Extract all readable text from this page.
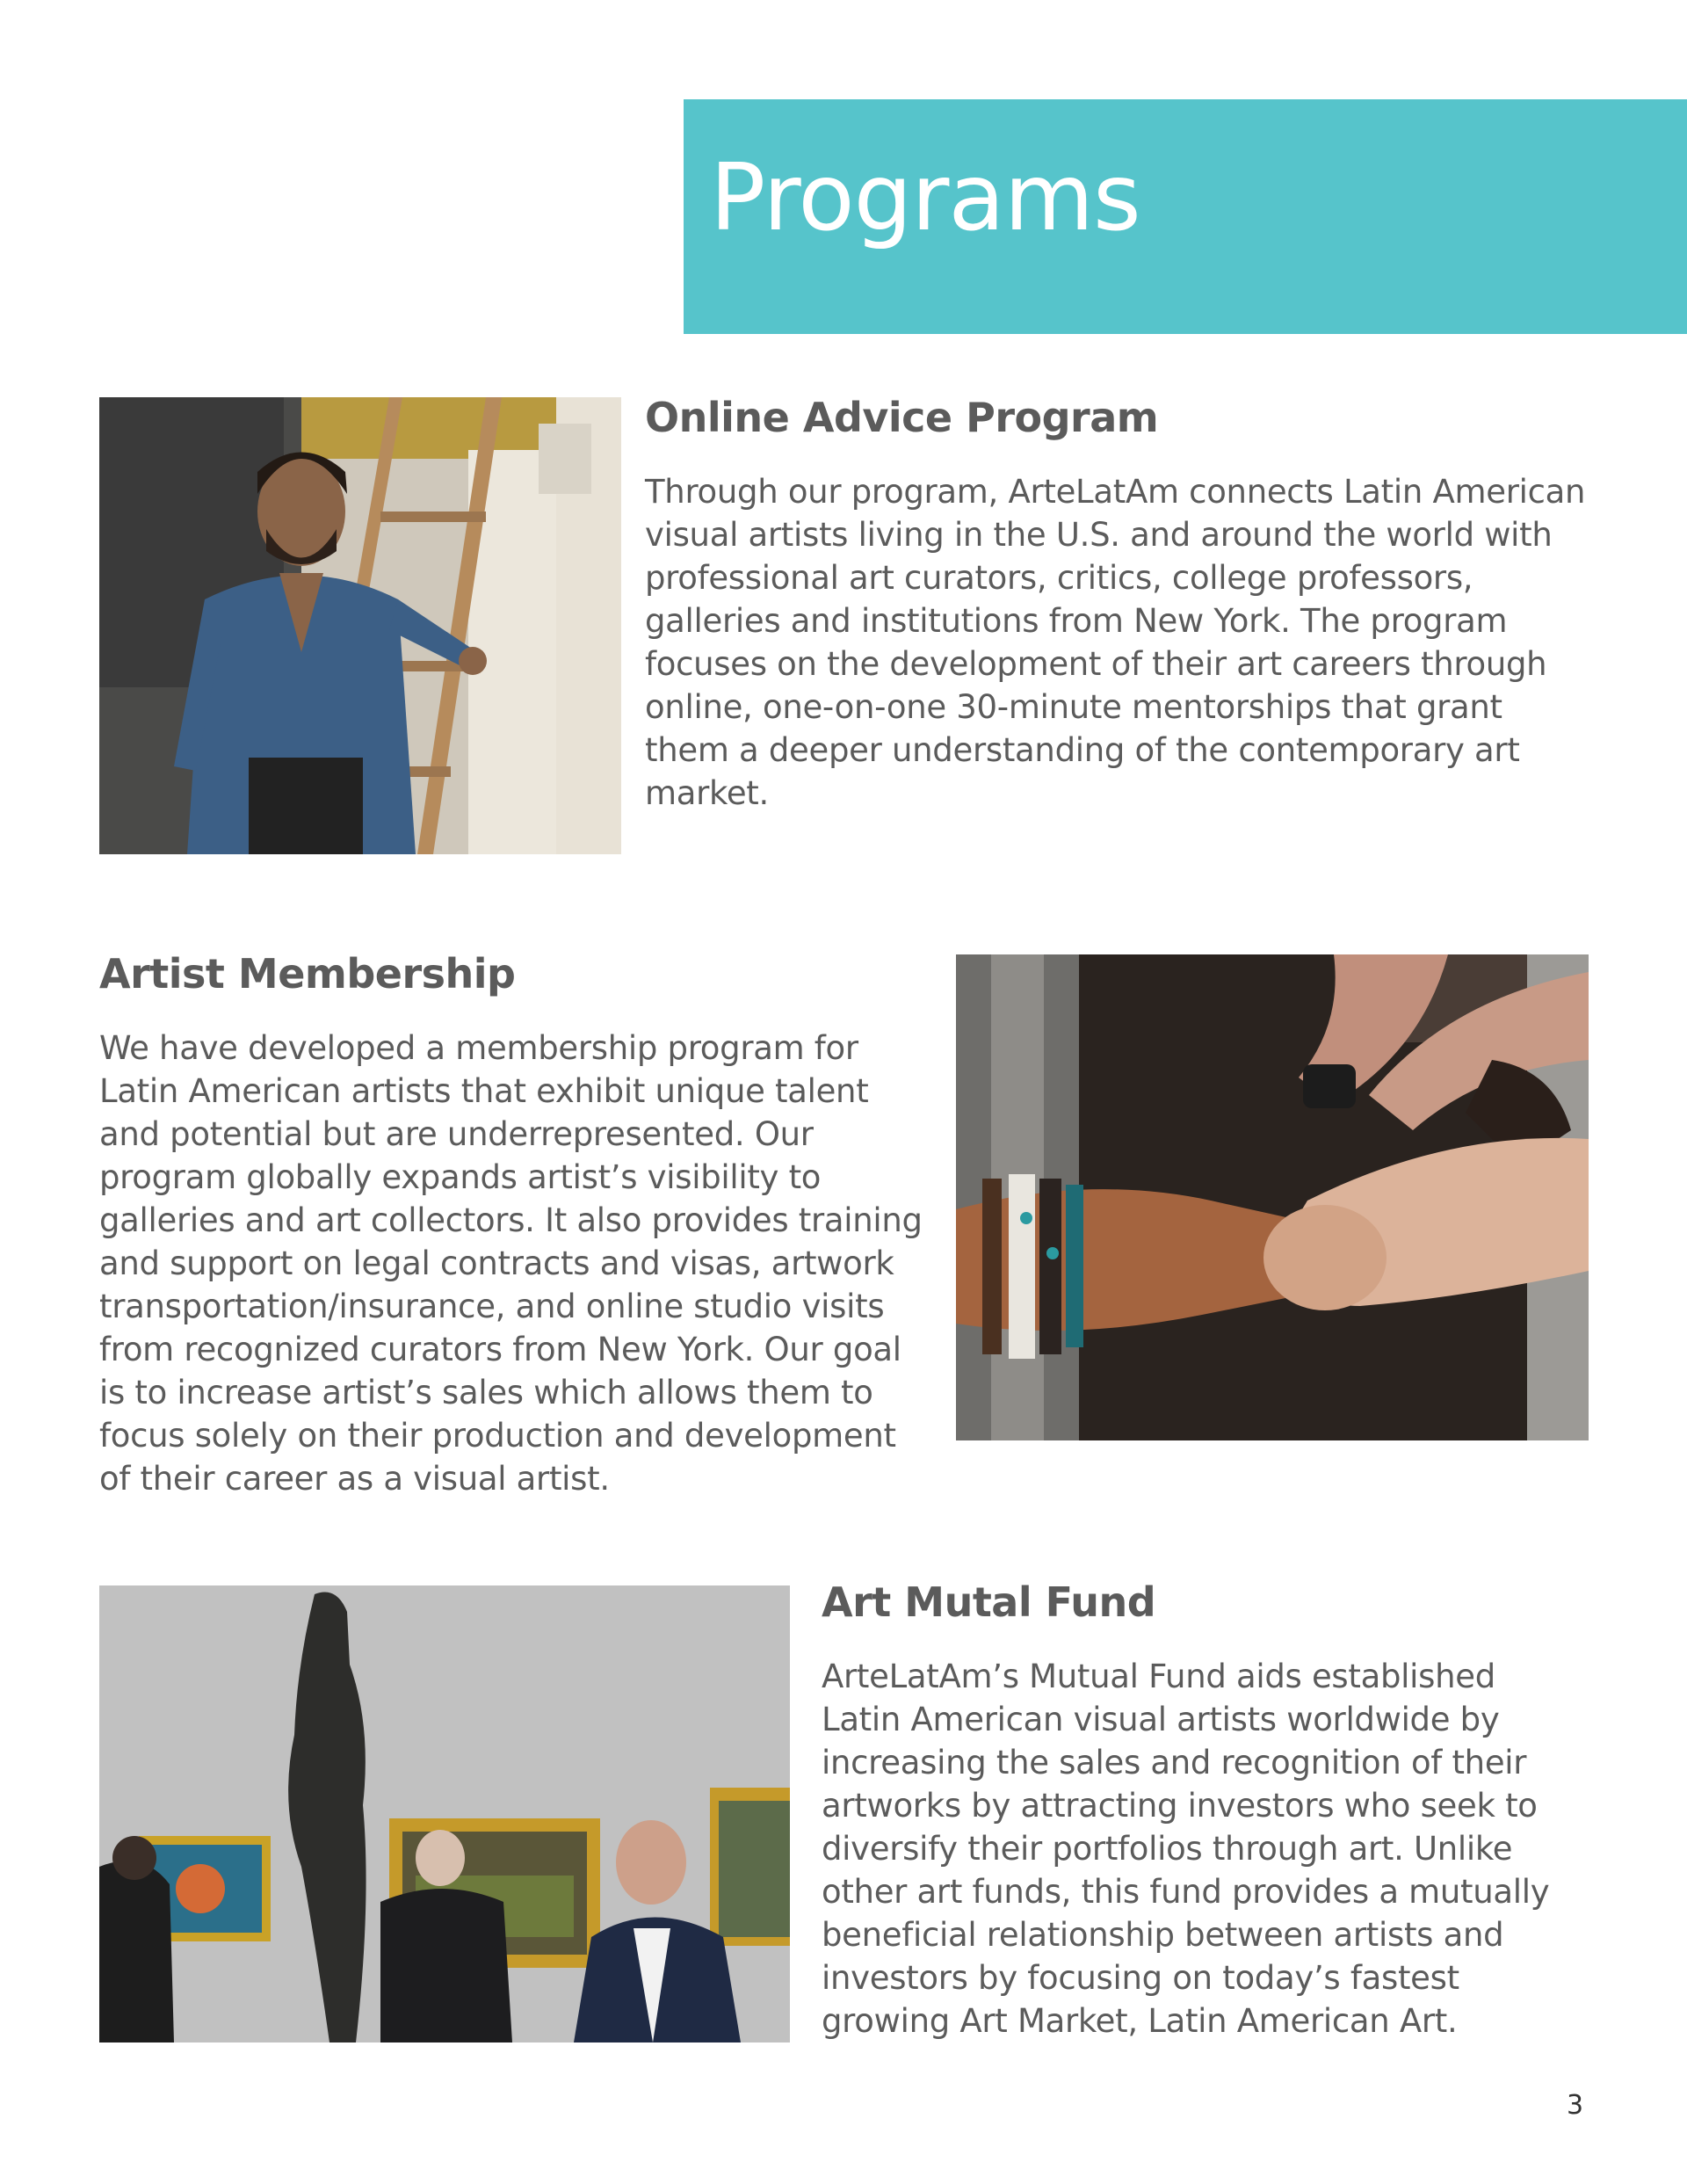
Programs
Online Advice Program

Through our program, ArteLatAm connects Latin American visual artists living in the U.S. and around the world with professional art curators, critics, college professors, galleries and institutions from New York. The program focuses on the development of their art careers through online, one-on-one 30-minute mentorships that grant them a deeper understanding of the contemporary art market.

Artist Membership

We have developed a membership program for Latin American artists that exhibit unique talent and potential but are underrepresented. Our program globally expands artist’s visibility to galleries and art collectors. It also provides training and support on legal contracts and visas, artwork transportation/insurance, and online studio visits from recognized curators from New York. Our goal is to increase artist’s sales which allows them to focus solely on their production and development of their career as a visual artist.

Art Mutal Fund

ArteLatAm’s Mutual Fund aids established Latin American visual artists worldwide by increasing the sales and recognition of their artworks by attracting investors who seek to diversify their portfolios through art. Unlike other art funds, this fund provides a mutually beneficial relationship between artists and investors by focusing on today’s fastest growing Art Market, Latin American Art.

3
